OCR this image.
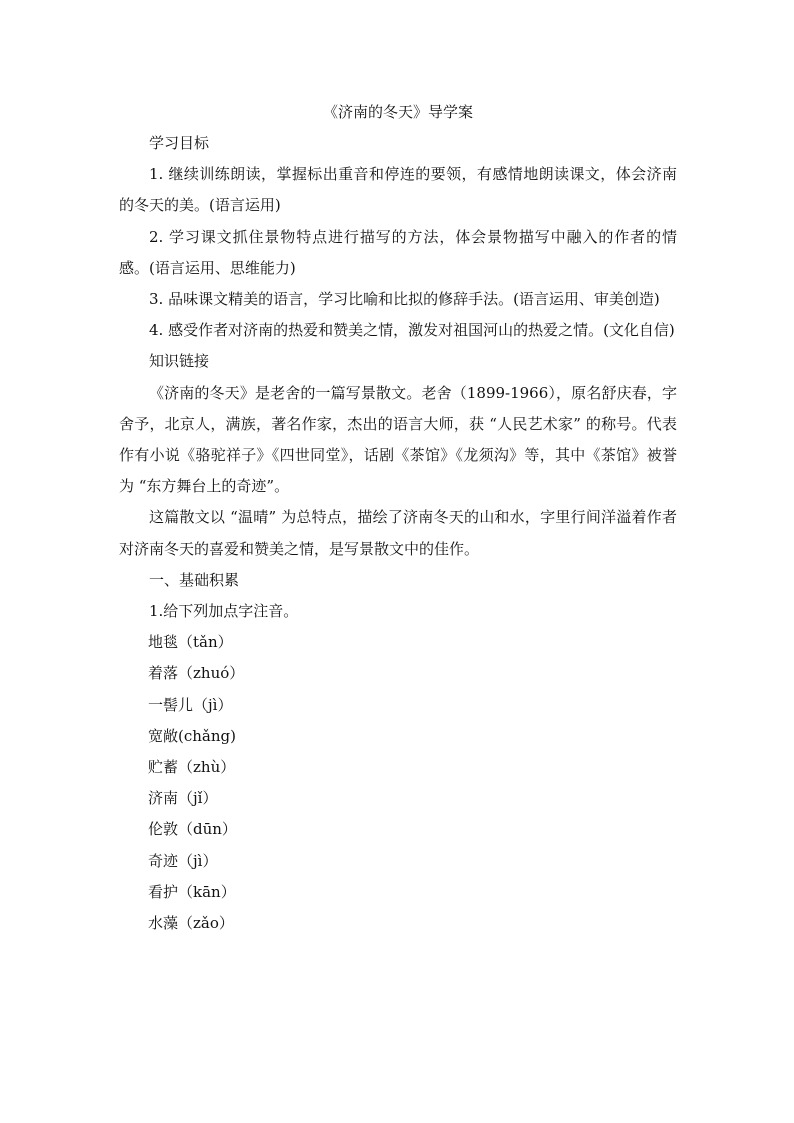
《济南的冬天》导学案

学习目标

1. 继续训练朗读，掌握标出重音和停连的要领，有感情地朗读课文，体会济南的冬天的美。(语言运用)

2. 学习课文抓住景物特点进行描写的方法，体会景物描写中融入的作者的情感。(语言运用、思维能力)

3. 品味课文精美的语言，学习比喻和比拟的修辞手法。(语言运用、审美创造)

4. 感受作者对济南的热爱和赞美之情，激发对祖国河山的热爱之情。(文化自信)

知识链接

《济南的冬天》是老舍的一篇写景散文。老舍（1899-1966），原名舒庆春，字舍予，北京人，满族，著名作家，杰出的语言大师，获 “人民艺术家” 的称号。代表作有小说《骆驼祥子》《四世同堂》，话剧《茶馆》《龙须沟》等，其中《茶馆》被誉为 “东方舞台上的奇迹”。

这篇散文以 “温晴” 为总特点，描绘了济南冬天的山和水，字里行间洋溢着作者对济南冬天的喜爱和赞美之情，是写景散文中的佳作。

一、基础积累

1.给下列加点字注音。

地毯（tǎn）
着落（zhuó）
一髻儿（jì）
宽敞(chǎng)
贮蓄（zhù）
济南（jǐ）
伦敦（dūn）
奇迹（jì）
看护（kān）
水藻（zǎo）
